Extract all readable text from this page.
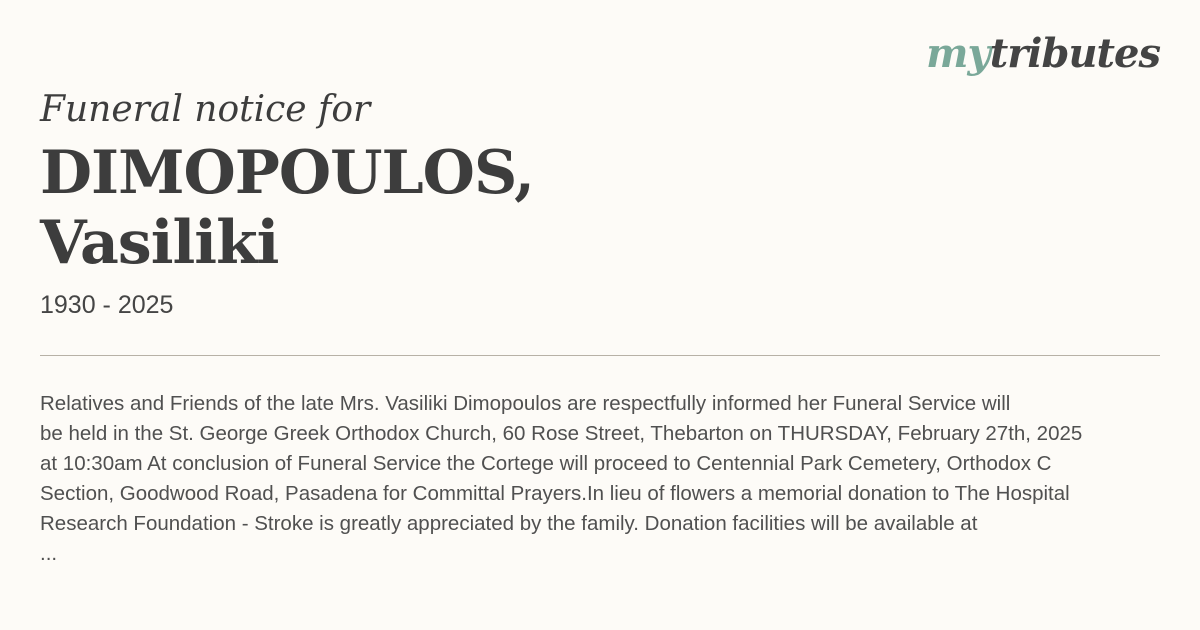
mytributes
Funeral notice for
DIMOPOULOS,
Vasiliki
1930 - 2025
Relatives and Friends of the late Mrs. Vasiliki Dimopoulos are respectfully informed her Funeral Service will
be held in the St. George Greek Orthodox Church, 60 Rose Street, Thebarton on THURSDAY, February 27th, 2025
at 10:30am At conclusion of Funeral Service the Cortege will proceed to Centennial Park Cemetery, Orthodox C
Section, Goodwood Road, Pasadena for Committal Prayers.In lieu of flowers a memorial donation to The Hospital
Research Foundation - Stroke is greatly appreciated by the family. Donation facilities will be available at
...
